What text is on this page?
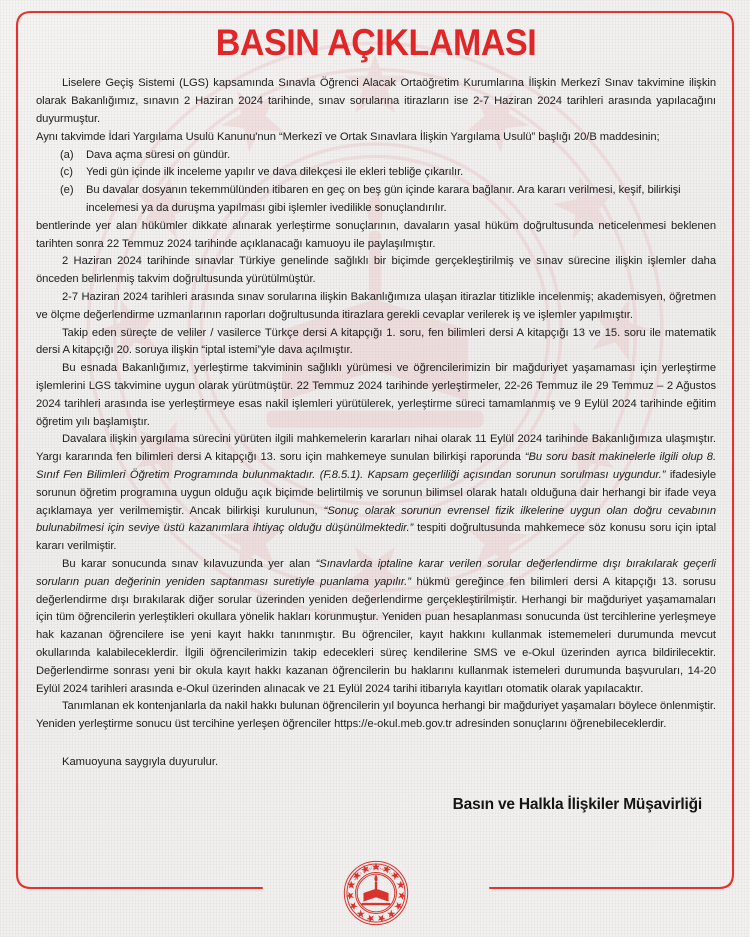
BASIN AÇIKLAMASI

Liselere Geçiş Sistemi (LGS) kapsamında Sınavla Öğrenci Alacak Ortaöğretim Kurumlarına İlişkin Merkezî Sınav takvimine ilişkin olarak Bakanlığımız, sınavın 2 Haziran 2024 tarihinde, sınav sorularına itirazların ise 2-7 Haziran 2024 tarihleri arasında yapılacağını duyurmuştur.

Aynı takvimde İdari Yargılama Usulü Kanunu'nun “Merkezî ve Ortak Sınavlara İlişkin Yargılama Usulü” başlığı 20/B maddesinin;

(a)	Dava açma süresi on gündür.
(c)	Yedi gün içinde ilk inceleme yapılır ve dava dilekçesi ile ekleri tebliğe çıkarılır.
(e)	Bu davalar dosyanın tekemmülünden itibaren en geç on beş gün içinde karara bağlanır. Ara kararı verilmesi, keşif, bilirkişi incelemesi ya da duruşma yapılması gibi işlemler ivedilikle sonuçlandırılır.

bentlerinde yer alan hükümler dikkate alınarak yerleştirme sonuçlarının, davaların yasal hüküm doğrultusunda neticelenmesi beklenen tarihten sonra 22 Temmuz 2024 tarihinde açıklanacağı kamuoyu ile paylaşılmıştır.

2 Haziran 2024 tarihinde sınavlar Türkiye genelinde sağlıklı bir biçimde gerçekleştirilmiş ve sınav sürecine ilişkin işlemler daha önceden belirlenmiş takvim doğrultusunda yürütülmüştür.

2-7 Haziran 2024 tarihleri arasında sınav sorularına ilişkin Bakanlığımıza ulaşan itirazlar titizlikle incelenmiş; akademisyen, öğretmen ve ölçme değerlendirme uzmanlarının raporları doğrultusunda itirazlara gerekli cevaplar verilerek iş ve işlemler yapılmıştır.

Takip eden süreçte de veliler / vasilerce Türkçe dersi A kitapçığı 1. soru, fen bilimleri dersi A kitapçığı 13 ve 15. soru ile matematik dersi A kitapçığı 20. soruya ilişkin “iptal istemi”yle dava açılmıştır.

Bu esnada Bakanlığımız, yerleştirme takviminin sağlıklı yürümesi ve öğrencilerimizin bir mağduriyet yaşamaması için yerleştirme işlemlerini LGS takvimine uygun olarak yürütmüştür. 22 Temmuz 2024 tarihinde yerleştirmeler, 22-26 Temmuz ile 29 Temmuz – 2 Ağustos 2024 tarihleri arasında ise yerleştirmeye esas nakil işlemleri yürütülerek, yerleştirme süreci tamamlanmış ve 9 Eylül 2024 tarihinde eğitim öğretim yılı başlamıştır.

Davalara ilişkin yargılama sürecini yürüten ilgili mahkemelerin kararları nihai olarak 11 Eylül 2024 tarihinde Bakanlığımıza ulaşmıştır. Yargı kararında fen bilimleri dersi A kitapçığı 13. soru için mahkemeye sunulan bilirkişi raporunda “Bu soru basit makinelerle ilgili olup 8. Sınıf Fen Bilimleri Öğretim Programında bulunmaktadır. (F.8.5.1). Kapsam geçerliliği açısından sorunun sorulması uygundur.” ifadesiyle sorunun öğretim programına uygun olduğu açık biçimde belirtilmiş ve sorunun bilimsel olarak hatalı olduğuna dair herhangi bir ifade veya açıklamaya yer verilmemiştir. Ancak bilirkişi kurulunun, “Sonuç olarak sorunun evrensel fizik ilkelerine uygun olan doğru cevabının bulunabilmesi için seviye üstü kazanımlara ihtiyaç olduğu düşünülmektedir.” tespiti doğrultusunda mahkemece söz konusu soru için iptal kararı verilmiştir.

Bu karar sonucunda sınav kılavuzunda yer alan “Sınavlarda iptaline karar verilen sorular değerlendirme dışı bırakılarak geçerli soruların puan değerinin yeniden saptanması suretiyle puanlama yapılır.” hükmü gereğince fen bilimleri dersi A kitapçığı 13. sorusu değerlendirme dışı bırakılarak diğer sorular üzerinden yeniden değerlendirme gerçekleştirilmiştir. Herhangi bir mağduriyet yaşamamaları için tüm öğrencilerin yerleştikleri okullara yönelik hakları korunmuştur. Yeniden puan hesaplanması sonucunda üst tercihlerine yerleşmeye hak kazanan öğrencilere ise yeni kayıt hakkı tanınmıştır. Bu öğrenciler, kayıt hakkını kullanmak istememeleri durumunda mevcut okullarında kalabileceklerdir. İlgili öğrencilerimizin takip edecekleri süreç kendilerine SMS ve e-Okul üzerinden ayrıca bildirilecektir. Değerlendirme sonrası yeni bir okula kayıt hakkı kazanan öğrencilerin bu haklarını kullanmak istemeleri durumunda başvuruları, 14-20 Eylül 2024 tarihleri arasında e-Okul üzerinden alınacak ve 21 Eylül 2024 tarihi itibarıyla kayıtları otomatik olarak yapılacaktır.

Tanımlanan ek kontenjanlarla da nakil hakkı bulunan öğrencilerin yıl boyunca herhangi bir mağduriyet yaşamaları böylece önlenmiştir. Yeniden yerleştirme sonucu üst tercihine yerleşen öğrenciler https://e-okul.meb.gov.tr adresinden sonuçlarını öğrenebileceklerdir.

Kamuoyuna saygıyla duyurulur.
Basın ve Halkla İlişkiler Müşavirliği
T.C. MİLLÎ EĞİTİM BAKANLIĞI
